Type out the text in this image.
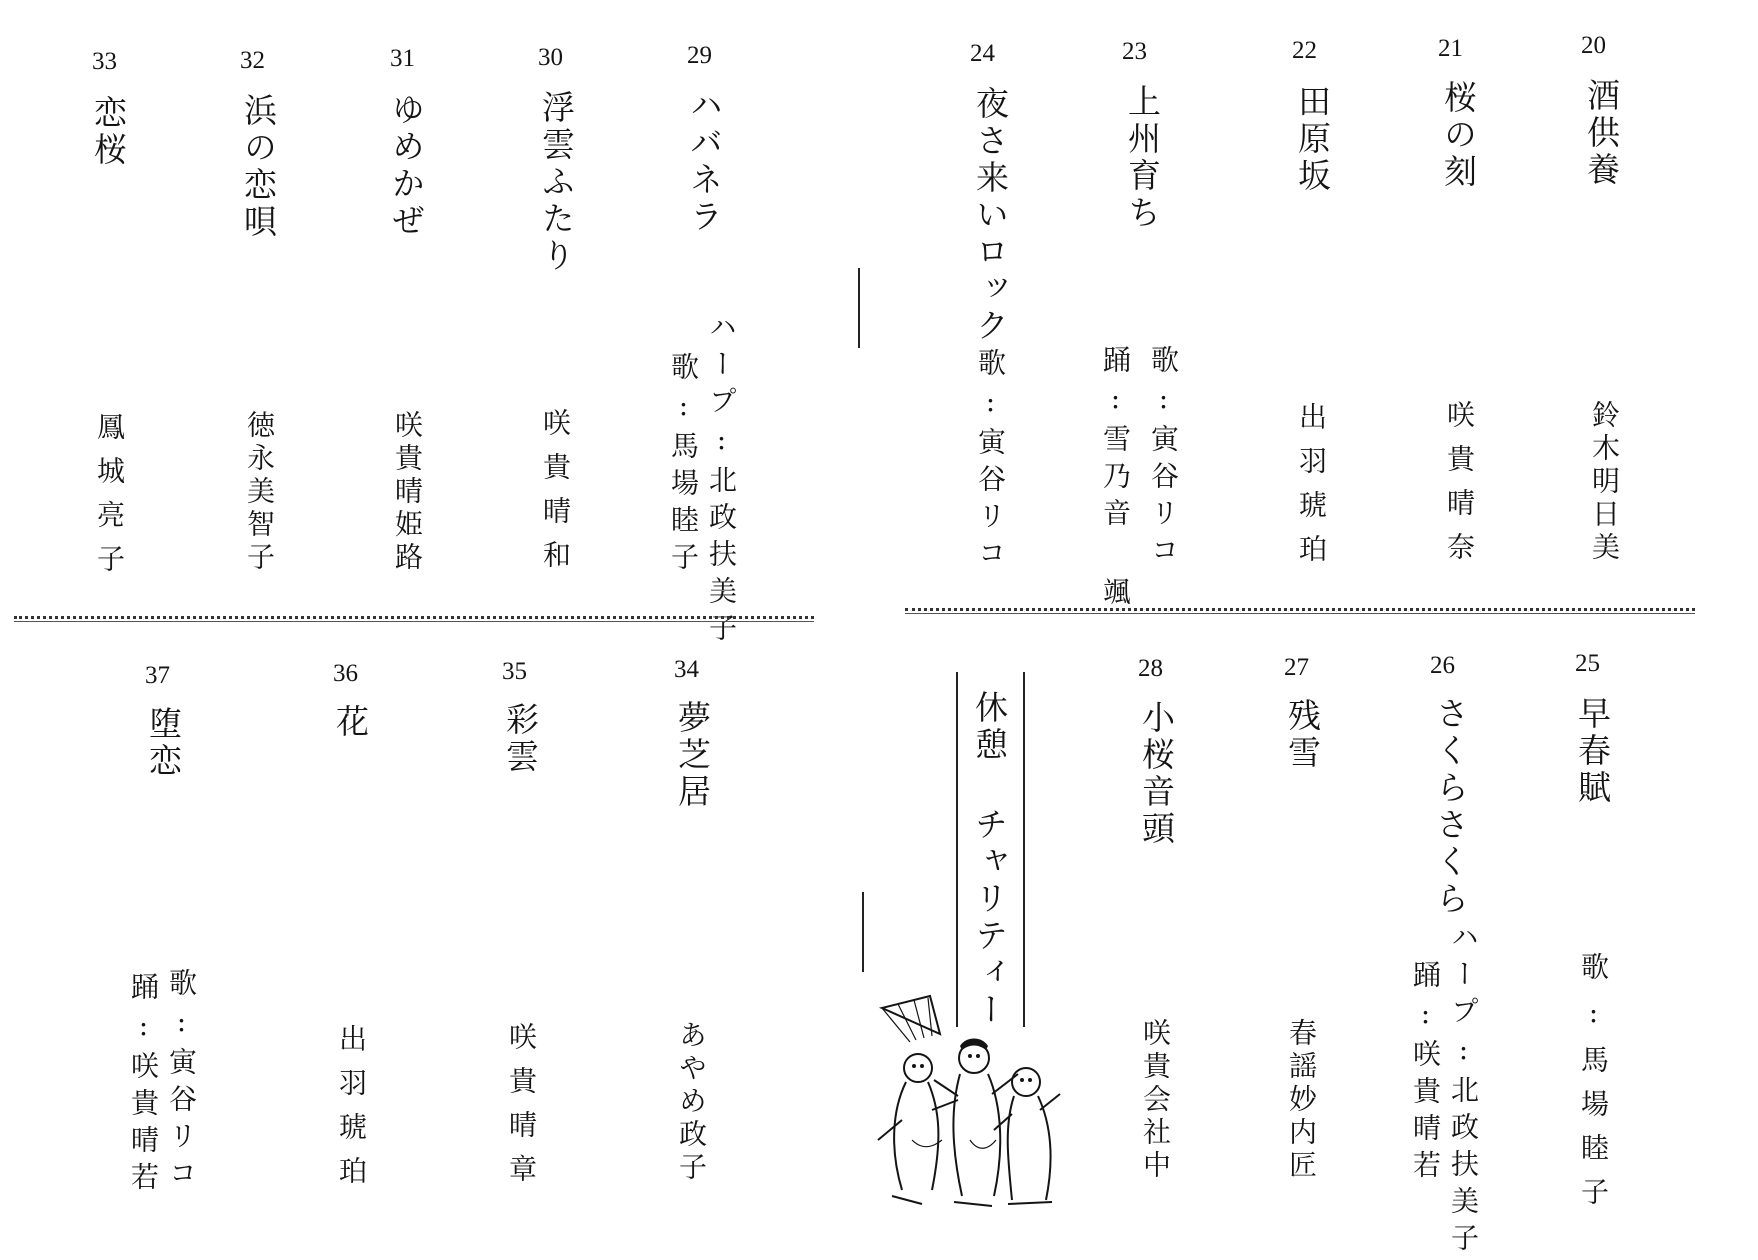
20
酒供養
鈴木明日美
21
桜の刻
咲貴晴奈
22
田原坂
出羽琥珀
23
上州育ち
歌:寅谷リコ
踊:雪乃音 颯
24
夜さ来いロック
歌:寅谷リコ
29
ハバネラ
ハープ:北政扶美子
歌:馬場睦子
30
浮雲ふたり
咲貴晴和
31
ゆめかぜ
咲貴晴姫路
32
浜の恋唄
徳永美智子
33
恋桜
鳳城亮子
25
早春賦
歌:馬場睦子
26
さくらさくら
ハープ:北政扶美子
踊:咲貴晴若
27
残雪
春謡妙内匠
28
小桜音頭
咲貴会社中
休憩 チャリティー
34
夢芝居
あやめ政子
35
彩雲
咲貴晴章
36
花
出羽琥珀
37
堕恋
歌:寅谷リコ
踊:咲貴晴若
